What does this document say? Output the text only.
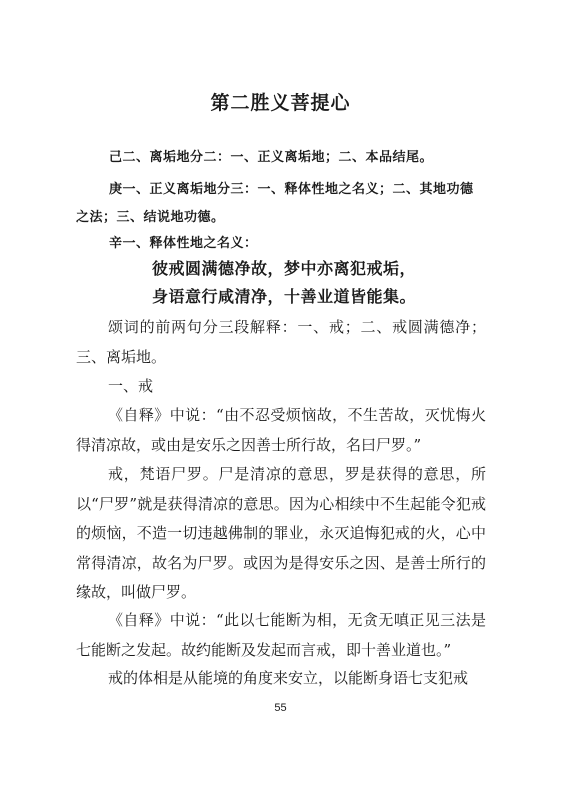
第二胜义菩提心
己二、离垢地分二：一、正义离垢地；二、本品结尾。
庚一、正义离垢地分三：一、释体性地之名义；二、其地功德之法；三、结说地功德。
辛一、释体性地之名义：
彼戒圆满德净故，梦中亦离犯戒垢，
身语意行咸清净，十善业道皆能集。
颂词的前两句分三段解释：一、戒；二、戒圆满德净；三、离垢地。
一、戒
《自释》中说：“由不忍受烦恼故，不生苦故，灭忧悔火得清凉故，或由是安乐之因善士所行故，名曰尸罗。”
戒，梵语尸罗。尸是清凉的意思，罗是获得的意思，所以“尸罗”就是获得清凉的意思。因为心相续中不生起能令犯戒的烦恼，不造一切违越佛制的罪业，永灭追悔犯戒的火，心中常得清凉，故名为尸罗。或因为是得安乐之因、是善士所行的缘故，叫做尸罗。
《自释》中说：“此以七能断为相，无贪无嗔正见三法是七能断之发起。故约能断及发起而言戒，即十善业道也。”
戒的体相是从能境的角度来安立，以能断身语七支犯戒
55
